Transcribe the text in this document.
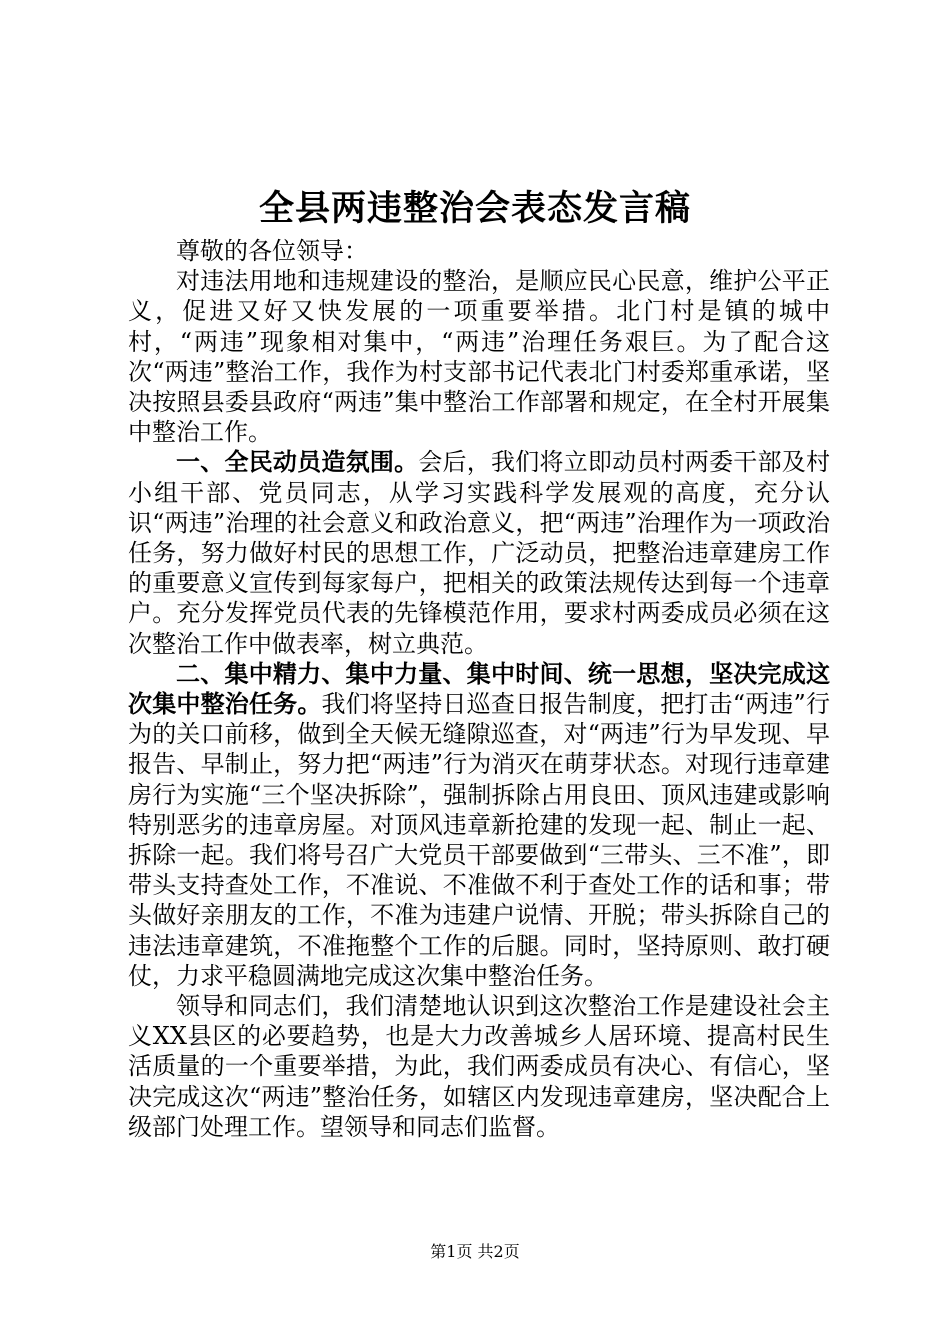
全县两违整治会表态发言稿

尊敬的各位领导：

对违法用地和违规建设的整治，是顺应民心民意，维护公平正义，促进又好又快发展的一项重要举措。北门村是镇的城中村，“两违”现象相对集中，“两违”治理任务艰巨。为了配合这次“两违”整治工作，我作为村支部书记代表北门村委郑重承诺，坚决按照县委县政府“两违”集中整治工作部署和规定，在全村开展集中整治工作。

一、全民动员造氛围。会后，我们将立即动员村两委干部及村小组干部、党员同志，从学习实践科学发展观的高度，充分认识“两违”治理的社会意义和政治意义，把“两违”治理作为一项政治任务，努力做好村民的思想工作，广泛动员，把整治违章建房工作的重要意义宣传到每家每户，把相关的政策法规传达到每一个违章户。充分发挥党员代表的先锋模范作用，要求村两委成员必须在这次整治工作中做表率，树立典范。

二、集中精力、集中力量、集中时间、统一思想，坚决完成这次集中整治任务。我们将坚持日巡查日报告制度，把打击“两违”行为的关口前移，做到全天候无缝隙巡查，对“两违”行为早发现、早报告、早制止，努力把“两违”行为消灭在萌芽状态。对现行违章建房行为实施“三个坚决拆除”，强制拆除占用良田、顶风违建或影响特别恶劣的违章房屋。对顶风违章新抢建的发现一起、制止一起、拆除一起。我们将号召广大党员干部要做到“三带头、三不准”，即带头支持查处工作，不准说、不准做不利于查处工作的话和事；带头做好亲朋友的工作，不准为违建户说情、开脱；带头拆除自己的违法违章建筑，不准拖整个工作的后腿。同时，坚持原则、敢打硬仗，力求平稳圆满地完成这次集中整治任务。

领导和同志们，我们清楚地认识到这次整治工作是建设社会主义XX县区的必要趋势，也是大力改善城乡人居环境、提高村民生活质量的一个重要举措，为此，我们两委成员有决心、有信心，坚决完成这次“两违”整治任务，如辖区内发现违章建房，坚决配合上级部门处理工作。望领导和同志们监督。

第1页 共2页
